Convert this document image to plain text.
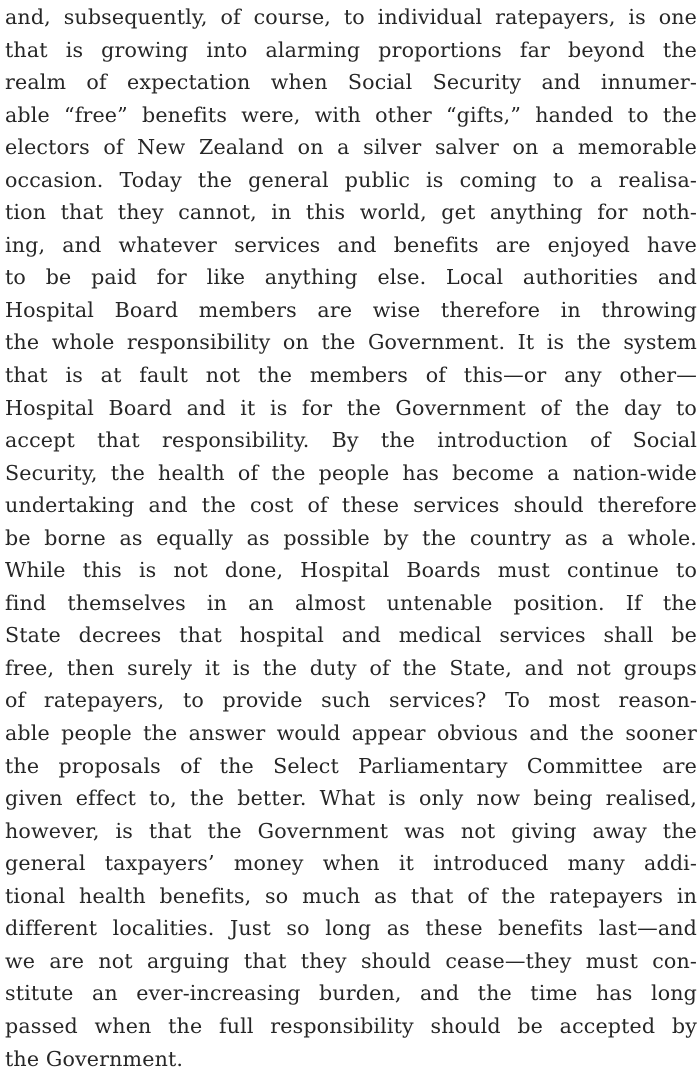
and, subsequently, of course, to individual ratepayers, is one
that is growing into alarming proportions far beyond the
realm of expectation when Social Security and innumer-
able “free” benefits were, with other “gifts,” handed to the
electors of New Zealand on a silver salver on a memorable
occasion. Today the general public is coming to a realisa-
tion that they cannot, in this world, get anything for noth-
ing, and whatever services and benefits are enjoyed have
to be paid for like anything else. Local authorities and
Hospital Board members are wise therefore in throwing
the whole responsibility on the Government. It is the system
that is at fault not the members of this—or any other—
Hospital Board and it is for the Government of the day to
accept that responsibility. By the introduction of Social
Security, the health of the people has become a nation-wide
undertaking and the cost of these services should therefore
be borne as equally as possible by the country as a whole.
While this is not done, Hospital Boards must continue to
find themselves in an almost untenable position. If the
State decrees that hospital and medical services shall be
free, then surely it is the duty of the State, and not groups
of ratepayers, to provide such services? To most reason-
able people the answer would appear obvious and the sooner
the proposals of the Select Parliamentary Committee are
given effect to, the better. What is only now being realised,
however, is that the Government was not giving away the
general taxpayers’ money when it introduced many addi-
tional health benefits, so much as that of the ratepayers in
different localities. Just so long as these benefits last—and
we are not arguing that they should cease—they must con-
stitute an ever-increasing burden, and the time has long
passed when the full responsibility should be accepted by
the Government.
